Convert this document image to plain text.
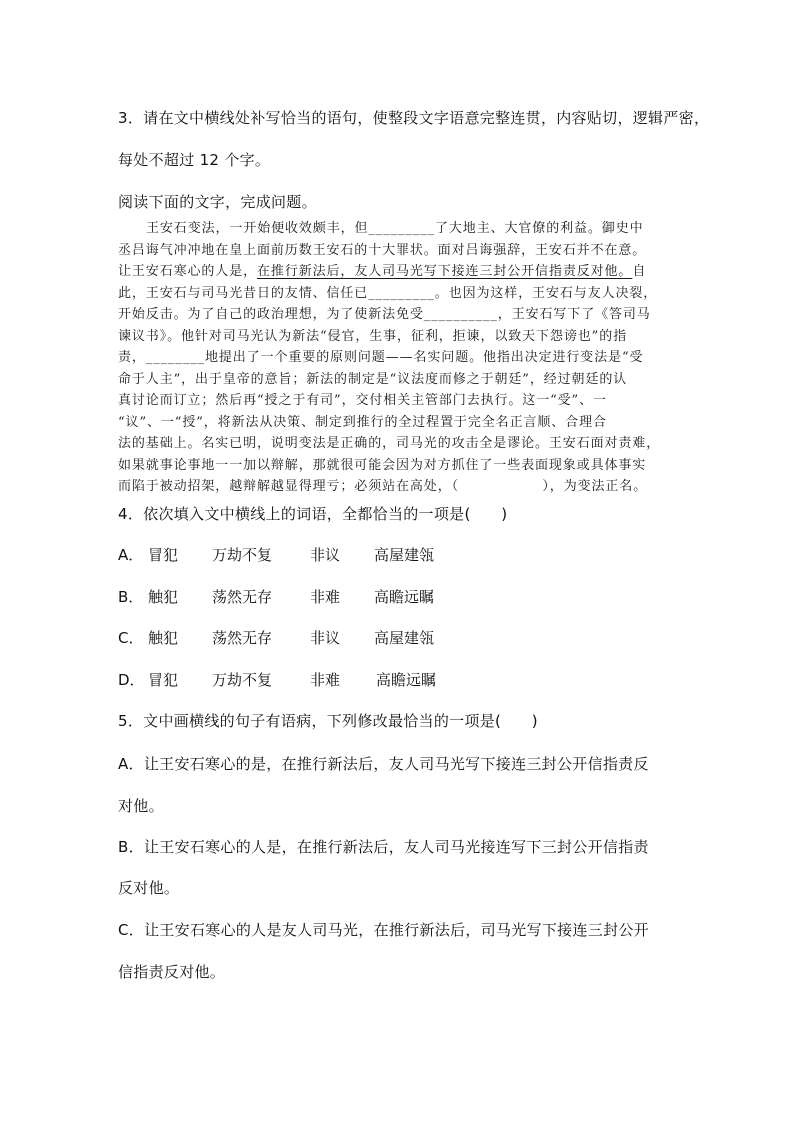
3．请在文中横线处补写恰当的语句，使整段文字语意完整连贯，内容贴切，逻辑严密，
每处不超过 12 个字。
阅读下面的文字，完成问题。
王安石变法，一开始便收效颇丰，但_________了大地主、大官僚的利益。御史中
丞吕诲气冲冲地在皇上面前历数王安石的十大罪状。面对吕诲强辞，王安石并不在意。
让王安石寒心的人是，在推行新法后，友人司马光写下接连三封公开信指责反对他。自
此，王安石与司马光昔日的友情、信任已_________。也因为这样，王安石与友人决裂，
开始反击。为了自己的政治理想，为了使新法免受__________，王安石写下了《答司马
谏议书》。他针对司马光认为新法“侵官，生事，征利，拒谏，以致天下怨谤也”的指
责，________地提出了一个重要的原则问题——名实问题。他指出决定进行变法是“受
命于人主”，出于皇帝的意旨；新法的制定是“议法度而修之于朝廷”，经过朝廷的认
真讨论而订立；然后再“授之于有司”，交付相关主管部门去执行。这一“受”、一
“议”、一“授”，将新法从决策、制定到推行的全过程置于完全名正言顺、合理合
法的基础上。名实已明，说明变法是正确的，司马光的攻击全是谬论。王安石面对责难，
如果就事论事地一一加以辩解，那就很可能会因为对方抓住了一些表面现象或具体事实
而陷于被动招架，越辩解越显得理亏；必须站在高处，（　　　　　　），为变法正名。
4．依次填入文中横线上的词语，全都恰当的一项是(　　)
A． 冒犯 万劫不复	非议 高屋建瓴
B． 触犯 荡然无存	非难 高瞻远瞩
C． 触犯 荡然无存	非议 高屋建瓴
D． 冒犯 万劫不复	非难 高瞻远瞩
5．文中画横线的句子有语病，下列修改最恰当的一项是(　　)
A．让王安石寒心的是，在推行新法后，友人司马光写下接连三封公开信指责反
对他。
B．让王安石寒心的人是，在推行新法后，友人司马光接连写下三封公开信指责
反对他。
C．让王安石寒心的人是友人司马光，在推行新法后，司马光写下接连三封公开
信指责反对他。
